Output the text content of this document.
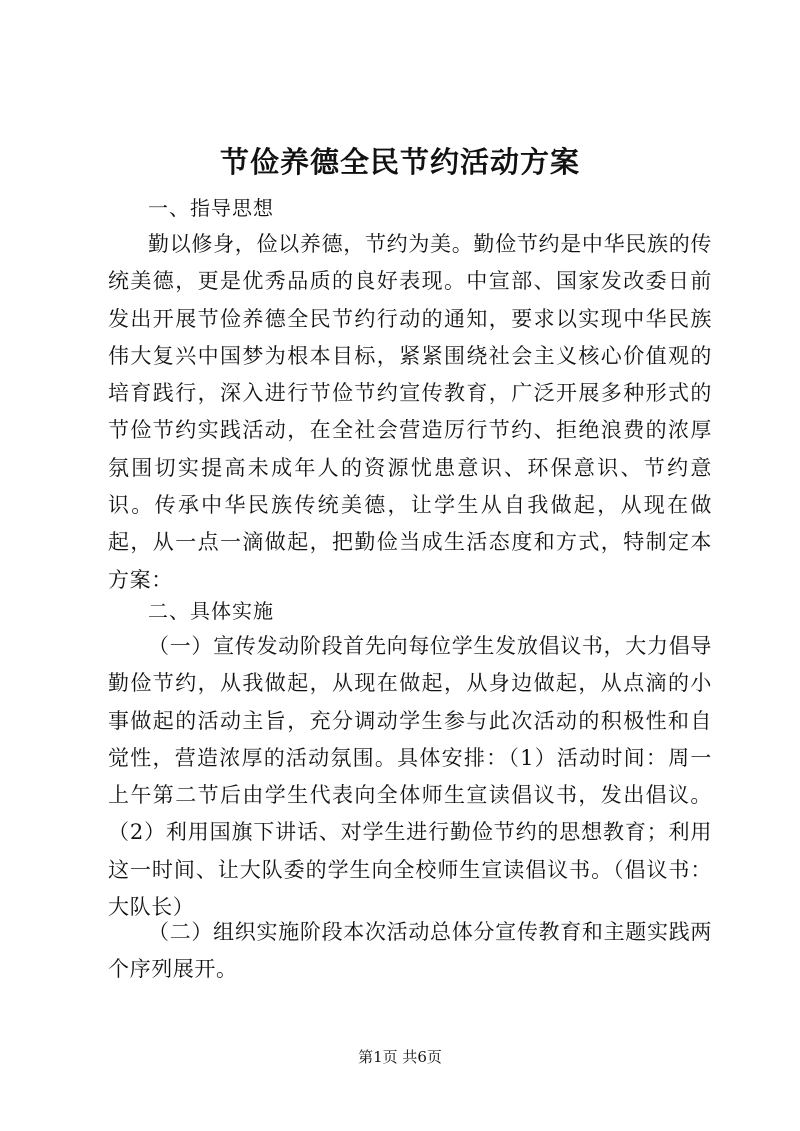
节俭养德全民节约活动方案
一、指导思想
勤以修身，俭以养德，节约为美。勤俭节约是中华民族的传统美德，更是优秀品质的良好表现。中宣部、国家发改委日前发出开展节俭养德全民节约行动的通知，要求以实现中华民族伟大复兴中国梦为根本目标，紧紧围绕社会主义核心价值观的培育践行，深入进行节俭节约宣传教育，广泛开展多种形式的节俭节约实践活动，在全社会营造厉行节约、拒绝浪费的浓厚氛围切实提高未成年人的资源忧患意识、环保意识、节约意识。传承中华民族传统美德，让学生从自我做起，从现在做起，从一点一滴做起，把勤俭当成生活态度和方式，特制定本方案：
二、具体实施
（一）宣传发动阶段首先向每位学生发放倡议书，大力倡导勤俭节约，从我做起，从现在做起，从身边做起，从点滴的小事做起的活动主旨，充分调动学生参与此次活动的积极性和自觉性，营造浓厚的活动氛围。具体安排：（1）活动时间：周一上午第二节后由学生代表向全体师生宣读倡议书，发出倡议。（2）利用国旗下讲话、对学生进行勤俭节约的思想教育；利用这一时间、让大队委的学生向全校师生宣读倡议书。（倡议书：大队长）
（二）组织实施阶段本次活动总体分宣传教育和主题实践两个序列展开。
第1页 共6页
